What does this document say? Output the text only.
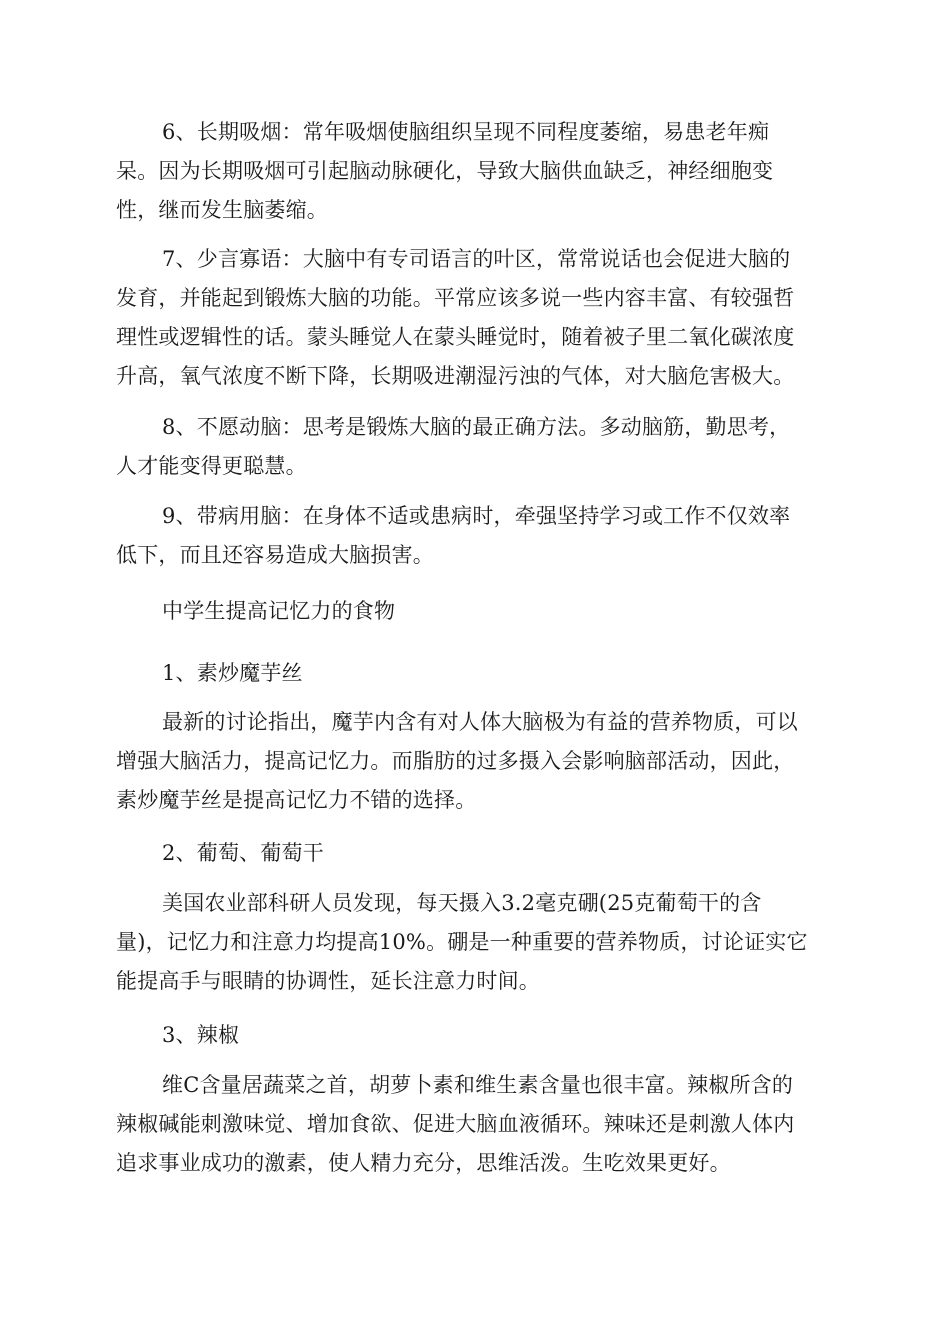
6、长期吸烟：常年吸烟使脑组织呈现不同程度萎缩，易患老年痴
呆。因为长期吸烟可引起脑动脉硬化，导致大脑供血缺乏，神经细胞变
性，继而发生脑萎缩。

7、少言寡语：大脑中有专司语言的叶区，常常说话也会促进大脑的
发育，并能起到锻炼大脑的功能。平常应该多说一些内容丰富、有较强哲
理性或逻辑性的话。蒙头睡觉人在蒙头睡觉时，随着被子里二氧化碳浓度
升高，氧气浓度不断下降，长期吸进潮湿污浊的气体，对大脑危害极大。

8、不愿动脑：思考是锻炼大脑的最正确方法。多动脑筋，勤思考，
人才能变得更聪慧。

9、带病用脑：在身体不适或患病时，牵强坚持学习或工作不仅效率
低下，而且还容易造成大脑损害。

中学生提高记忆力的食物

1、素炒魔芋丝

最新的讨论指出，魔芋内含有对人体大脑极为有益的营养物质，可以
增强大脑活力，提高记忆力。而脂肪的过多摄入会影响脑部活动，因此，
素炒魔芋丝是提高记忆力不错的选择。

2、葡萄、葡萄干

美国农业部科研人员发现，每天摄入3.2毫克硼(25克葡萄干的含
量)，记忆力和注意力均提高10%。硼是一种重要的营养物质，讨论证实它
能提高手与眼睛的协调性，延长注意力时间。

3、辣椒

维C含量居蔬菜之首，胡萝卜素和维生素含量也很丰富。辣椒所含的
辣椒碱能刺激味觉、增加食欲、促进大脑血液循环。辣味还是刺激人体内
追求事业成功的激素，使人精力充分，思维活泼。生吃效果更好。
